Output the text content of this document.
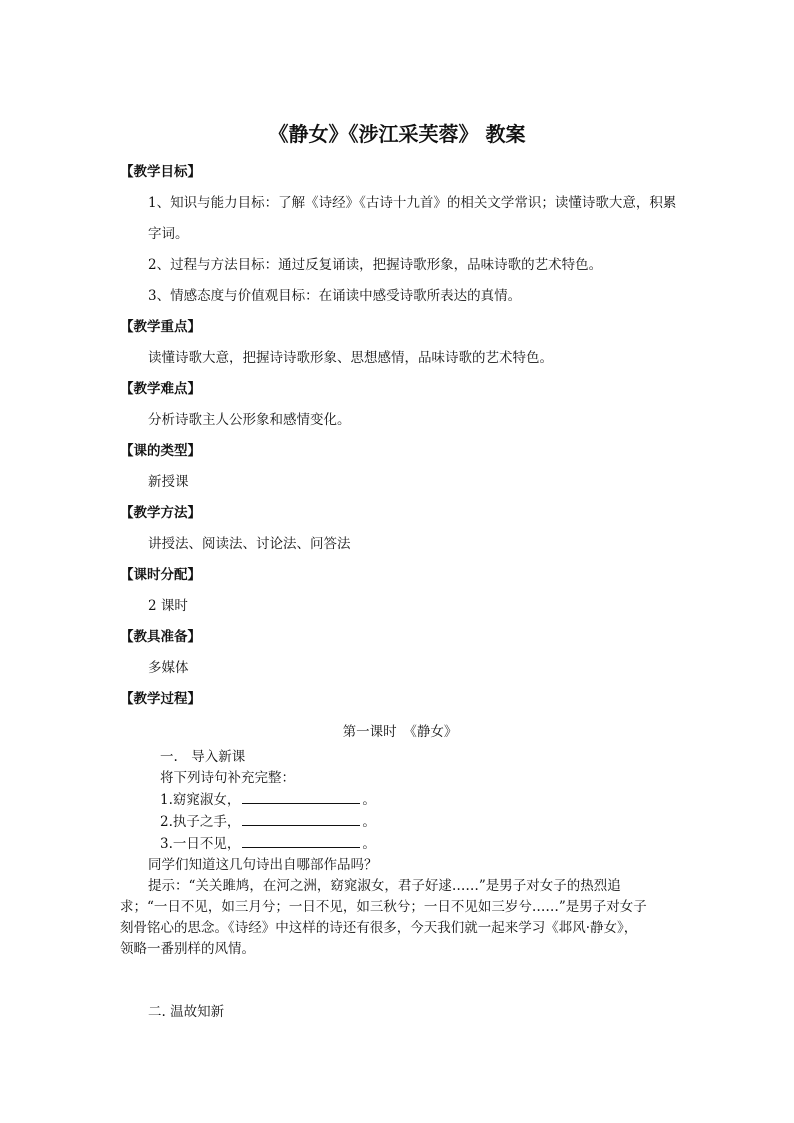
《静女》《涉江采芙蓉》 教案
【教学目标】
1、知识与能力目标：了解《诗经》《古诗十九首》的相关文学常识；读懂诗歌大意，积累字词。
2、过程与方法目标：通过反复诵读，把握诗歌形象，品味诗歌的艺术特色。
3、情感态度与价值观目标：在诵读中感受诗歌所表达的真情。
【教学重点】
读懂诗歌大意，把握诗诗歌形象、思想感情，品味诗歌的艺术特色。
【教学难点】
分析诗歌主人公形象和感情变化。
【课的类型】
新授课
【教学方法】
讲授法、阅读法、讨论法、问答法
【课时分配】
2 课时
【教具准备】
多媒体
【教学过程】
第一课时　《静女》
一.　导入新课
将下列诗句补充完整：
1.窈窕淑女，	。
2.执子之手，	。
3.一日不见，	。
同学们知道这几句诗出自哪部作品吗？
提示：“关关雎鸠，在河之洲，窈窕淑女，君子好逑……”是男子对女子的热烈追求；“一日不见，如三月兮；一日不见，如三秋兮；一日不见如三岁兮……”是男子对女子刻骨铭心的思念。《诗经》中这样的诗还有很多，今天我们就一起来学习《邶风·静女》，领略一番别样的风情。
二. 温故知新
